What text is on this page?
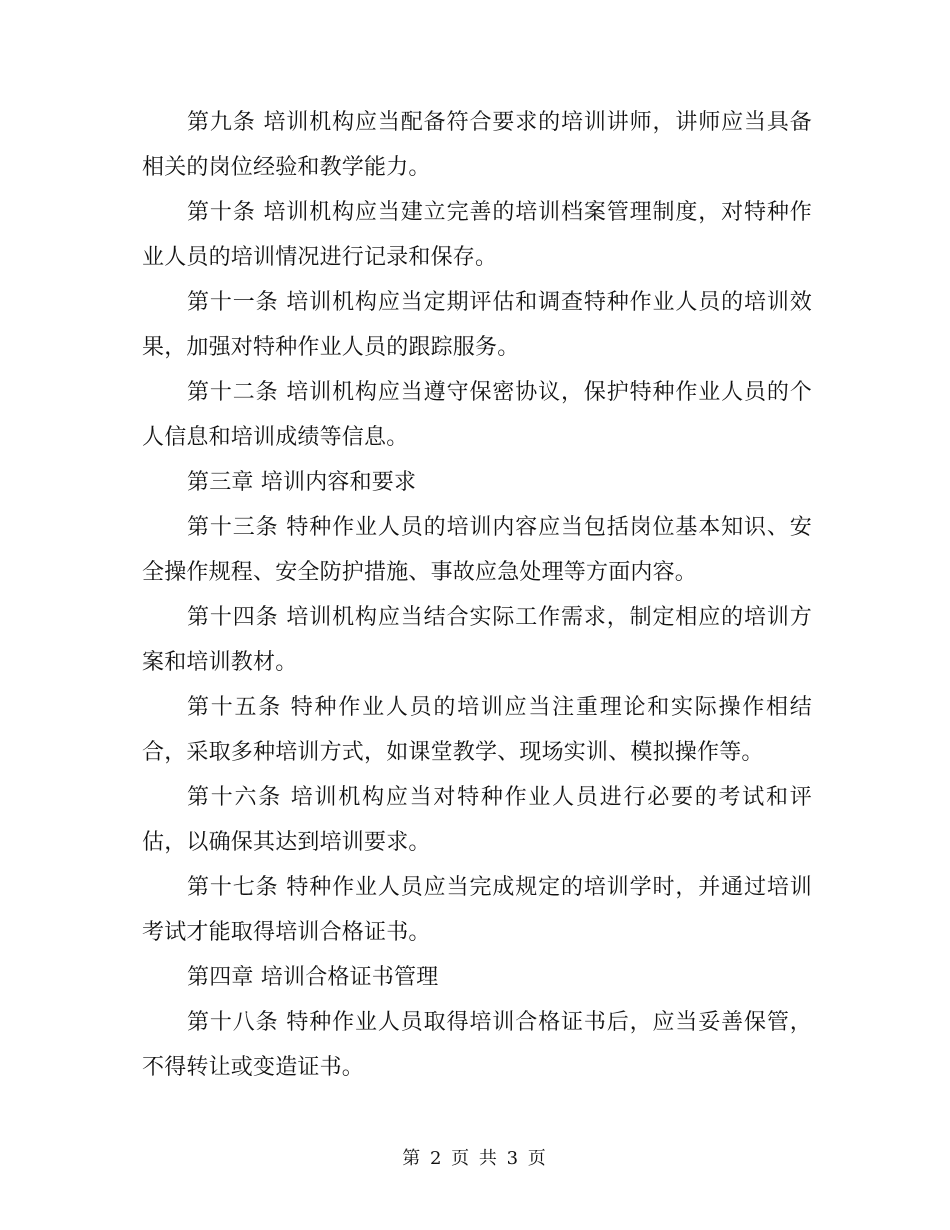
第九条 培训机构应当配备符合要求的培训讲师，讲师应当具备相关的岗位经验和教学能力。

第十条 培训机构应当建立完善的培训档案管理制度，对特种作业人员的培训情况进行记录和保存。

第十一条 培训机构应当定期评估和调查特种作业人员的培训效果，加强对特种作业人员的跟踪服务。

第十二条 培训机构应当遵守保密协议，保护特种作业人员的个人信息和培训成绩等信息。

第三章 培训内容和要求

第十三条 特种作业人员的培训内容应当包括岗位基本知识、安全操作规程、安全防护措施、事故应急处理等方面内容。

第十四条 培训机构应当结合实际工作需求，制定相应的培训方案和培训教材。

第十五条 特种作业人员的培训应当注重理论和实际操作相结合，采取多种培训方式，如课堂教学、现场实训、模拟操作等。

第十六条 培训机构应当对特种作业人员进行必要的考试和评估，以确保其达到培训要求。

第十七条 特种作业人员应当完成规定的培训学时，并通过培训考试才能取得培训合格证书。

第四章 培训合格证书管理

第十八条 特种作业人员取得培训合格证书后，应当妥善保管，不得转让或变造证书。

第 2 页 共 3 页
